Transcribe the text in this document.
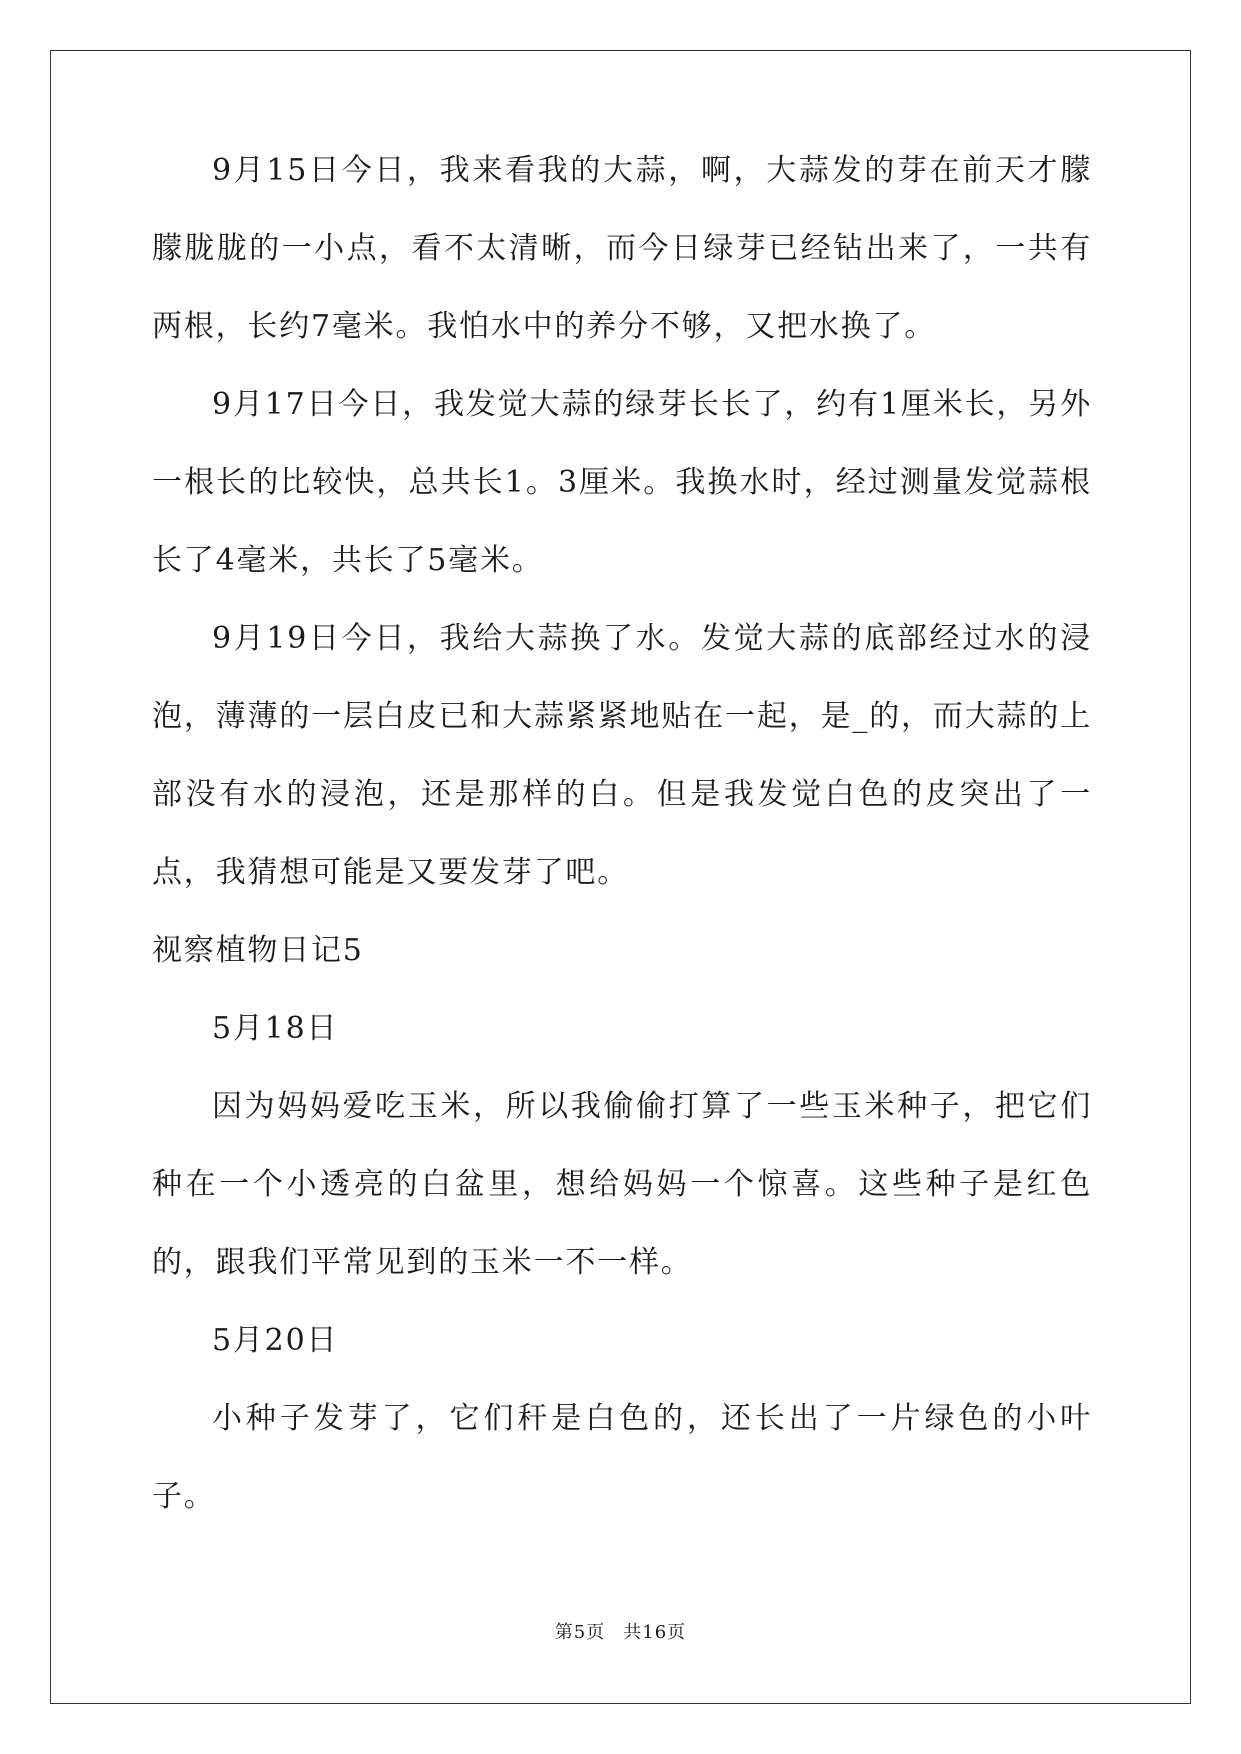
9月15日今日，我来看我的大蒜，啊，大蒜发的芽在前天才朦朦胧胧的一小点，看不太清晰，而今日绿芽已经钻出来了，一共有两根，长约7毫米。我怕水中的养分不够，又把水换了。

9月17日今日，我发觉大蒜的绿芽长长了，约有1厘米长，另外一根长的比较快，总共长1。3厘米。我换水时，经过测量发觉蒜根长了4毫米，共长了5毫米。

9月19日今日，我给大蒜换了水。发觉大蒜的底部经过水的浸泡，薄薄的一层白皮已和大蒜紧紧地贴在一起，是_的，而大蒜的上部没有水的浸泡，还是那样的白。但是我发觉白色的皮突出了一点，我猜想可能是又要发芽了吧。

视察植物日记5

5月18日

因为妈妈爱吃玉米，所以我偷偷打算了一些玉米种子，把它们种在一个小透亮的白盆里，想给妈妈一个惊喜。这些种子是红色的，跟我们平常见到的玉米一不一样。

5月20日

小种子发芽了，它们秆是白色的，还长出了一片绿色的小叶子。

第5页 共16页
